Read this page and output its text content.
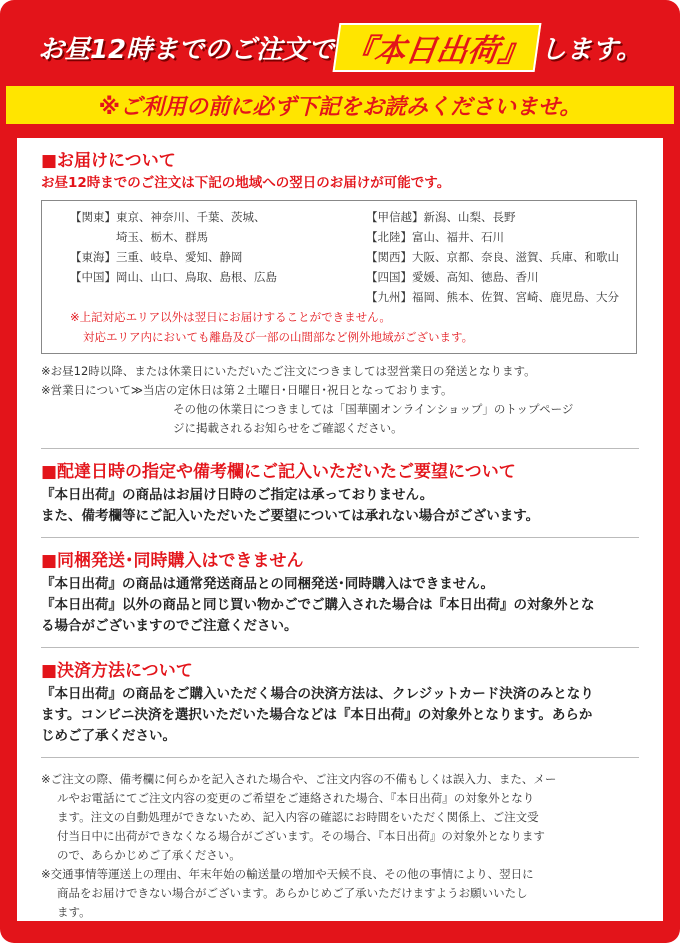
お昼12時までのご注文で 『本日出荷』 します。
※ご利用の前に必ず下記をお読みくださいませ。
■お届けについて
お昼12時までのご注文は下記の地域への翌日のお届けが可能です。
【関東】東京、神奈川、千葉、茨城、
　　　　埼玉、栃木、群馬
【東海】三重、岐阜、愛知、静岡
【中国】岡山、山口、鳥取、島根、広島
【甲信越】新潟、山梨、長野
【北陸】富山、福井、石川
【関西】大阪、京都、奈良、滋賀、兵庫、和歌山
【四国】愛媛、高知、徳島、香川
【九州】福岡、熊本、佐賀、宮崎、鹿児島、大分
※上記対応エリア以外は翌日にお届けすることができません。
対応エリア内においても離島及び一部の山間部など例外地域がございます。
※お昼12時以降、または休業日にいただいたご注文につきましては翌営業日の発送となります。
※営業日について≫当店の定休日は第２土曜日･日曜日･祝日となっております。
その他の休業日につきましては「国華園オンラインショップ」のトップページ
ジに掲載されるお知らせをご確認ください。
■配達日時の指定や備考欄にご記入いただいたご要望について
『本日出荷』の商品はお届け日時のご指定は承っておりません。
また、備考欄等にご記入いただいたご要望については承れない場合がございます。
■同梱発送･同時購入はできません
『本日出荷』の商品は通常発送商品との同梱発送･同時購入はできません。
『本日出荷』以外の商品と同じ買い物かごでご購入された場合は『本日出荷』の対象外とな
る場合がございますのでご注意ください。
■決済方法について
『本日出荷』の商品をご購入いただく場合の決済方法は、クレジットカード決済のみとなり
ます。コンビニ決済を選択いただいた場合などは『本日出荷』の対象外となります。あらか
じめご了承ください。
※ご注文の際、備考欄に何らかを記入された場合や、ご注文内容の不備もしくは誤入力、また、メー
ルやお電話にてご注文内容の変更のご希望をご連絡された場合、『本日出荷』の対象外となり
ます。注文の自動処理ができないため、記入内容の確認にお時間をいただく関係上、ご注文受
付当日中に出荷ができなくなる場合がございます。その場合、『本日出荷』の対象外となります
ので、あらかじめご了承ください。
※交通事情等運送上の理由、年末年始の輸送量の増加や天候不良、その他の事情により、翌日に
商品をお届けできない場合がございます。あらかじめご了承いただけますようお願いいたし
ます。
